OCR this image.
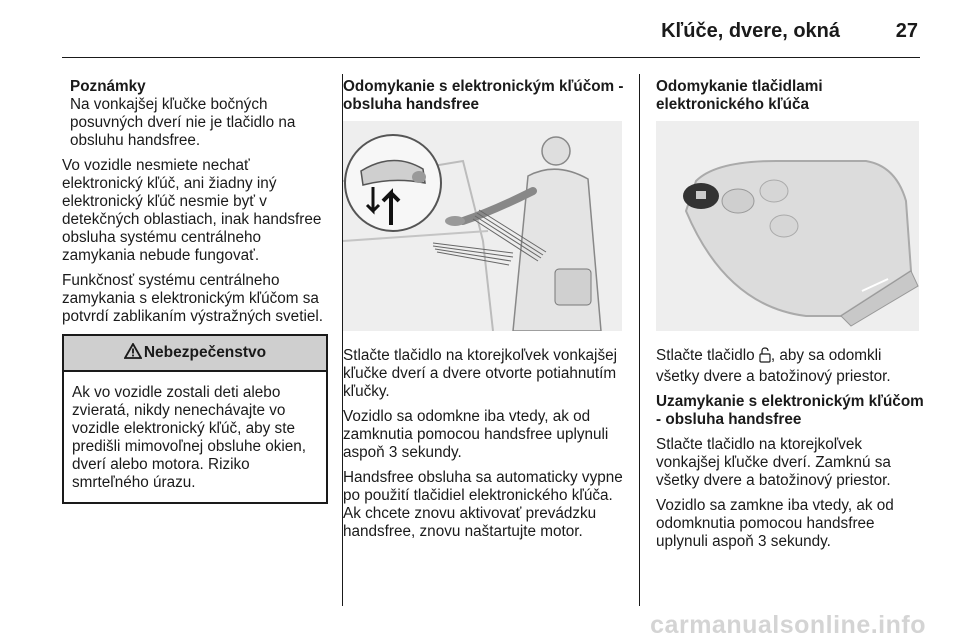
Kľúče, dvere, okná	27

Poznámky

Na vonkajšej kľučke bočných posuvných dverí nie je tlačidlo na obsluhu handsfree.

Vo vozidle nesmiete nechať elektronický kľúč, ani žiadny iný elektronický kľúč nesmie byť v detekčných oblastiach, inak handsfree obsluha systému centrálneho zamykania nebude fungovať.

Funkčnosť systému centrálneho zamykania s elektronickým kľúčom sa potvrdí zablikaním výstražných svetiel.

Nebezpečenstvo
Ak vo vozidle zostali deti alebo zvieratá, nikdy nenechávajte vo vozidle elektronický kľúč, aby ste predišli mimovoľnej obsluhe okien, dverí alebo motora. Riziko smrteľného úrazu.

Odomykanie s elektronickým kľúčom - obsluha handsfree

Stlačte tlačidlo na ktorejkoľvek vonkajšej kľučke dverí a dvere otvorte potiahnutím kľučky.

Vozidlo sa odomkne iba vtedy, ak od zamknutia pomocou handsfree uplynuli aspoň 3 sekundy.

Handsfree obsluha sa automaticky vypne po použití tlačidiel elektronického kľúča. Ak chcete znovu aktivovať prevádzku handsfree, znovu naštartujte motor.

Odomykanie tlačidlami elektronického kľúča

Stlačte tlačidlo , aby sa odomkli všetky dvere a batožinový priestor.

Uzamykanie s elektronickým kľúčom - obsluha handsfree

Stlačte tlačidlo na ktorejkoľvek vonkajšej kľučke dverí. Zamknú sa všetky dvere a batožinový priestor.

Vozidlo sa zamkne iba vtedy, ak od odomknutia pomocou handsfree uplynuli aspoň 3 sekundy.

carmanualsonline.info
